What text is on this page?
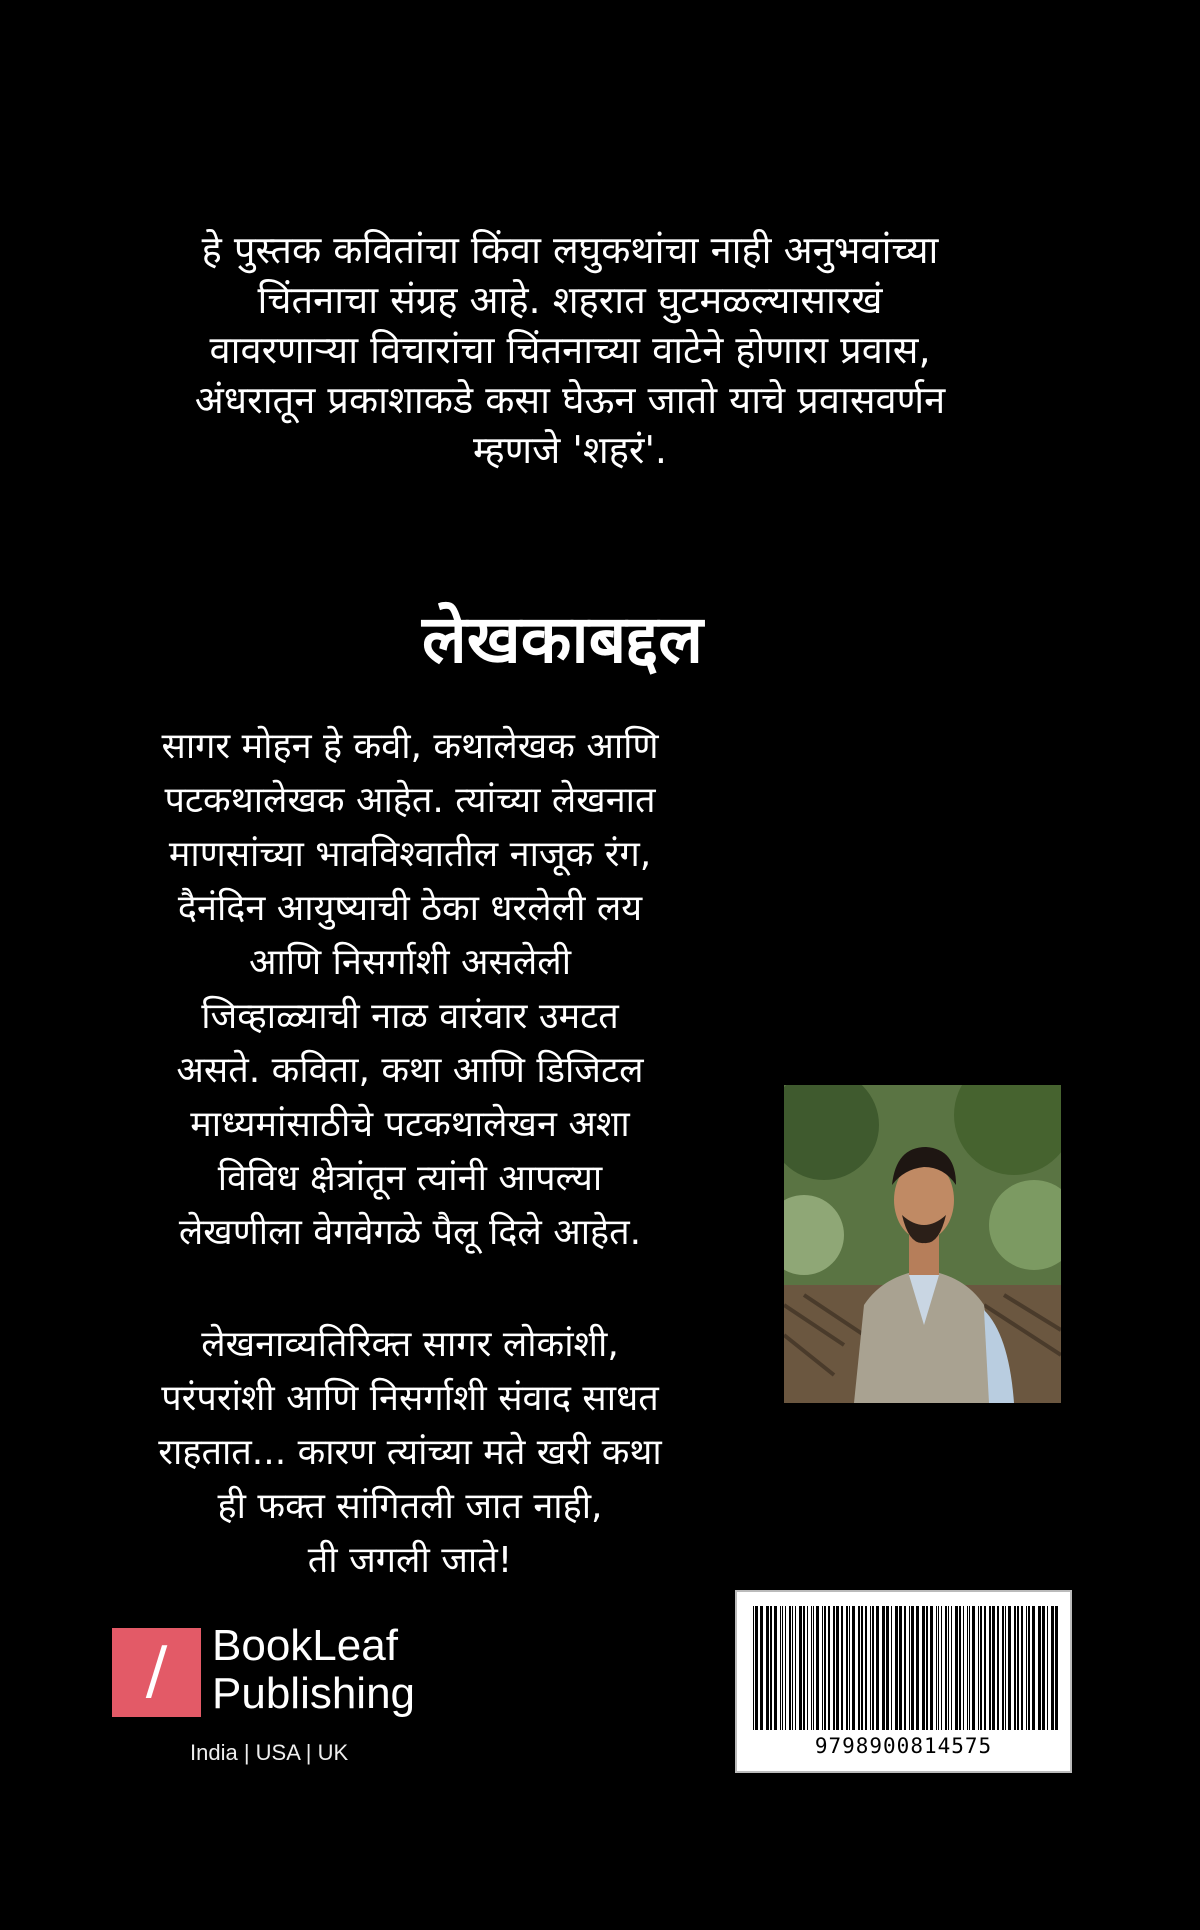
हे पुस्तक कवितांचा किंवा लघुकथांचा नाही अनुभवांच्या
चिंतनाचा संग्रह आहे. शहरात घुटमळल्यासारखं
वावरणाऱ्या विचारांचा चिंतनाच्या वाटेने होणारा प्रवास,
अंधरातून प्रकाशाकडे कसा घेऊन जातो याचे प्रवासवर्णन
म्हणजे 'शहरं'.
लेखकाबद्दल
सागर मोहन हे कवी, कथालेखक आणि
पटकथालेखक आहेत. त्यांच्या लेखनात
माणसांच्या भावविश्वातील नाजूक रंग,
दैनंदिन आयुष्याची ठेका धरलेली लय
आणि निसर्गाशी असलेली
जिव्हाळ्याची नाळ वारंवार उमटत
असते. कविता, कथा आणि डिजिटल
माध्यमांसाठीचे पटकथालेखन अशा
विविध क्षेत्रांतून त्यांनी आपल्या
लेखणीला वेगवेगळे पैलू दिले आहेत.
लेखनाव्यतिरिक्त सागर लोकांशी,
परंपरांशी आणि निसर्गाशी संवाद साधत
राहतात... कारण त्यांच्या मते खरी कथा
ही फक्त सांगितली जात नाही,
ती जगली जाते!
/	BookLeaf
Publishing
India | USA | UK	9798900814575
